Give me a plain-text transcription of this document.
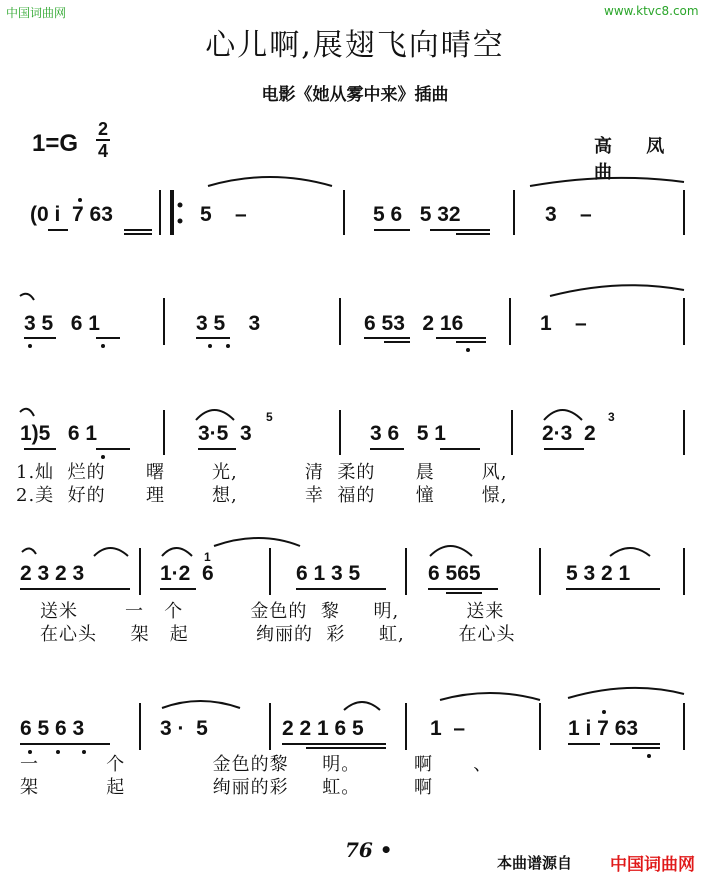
中国词曲网	www.ktvc8.com
心儿啊,展翅飞向晴空
电影《她从雾中来》插曲
1=G
2
4	高 凤曲
(0 i  7 63	5    –	5 6   5 32	3    –
3 5   6 1	3 5    3	6 53   2 16	1    –
1)5   6 1	3·5  3	3 6   5 1	2·3  2
5	3
1.灿  烂的      曙       光,          清  柔的      晨       风,
2.美  好的      理       想,          幸  福的      憧       憬,
2 3 2 3	1·2  6	6 1 3 5	6 565	5 3 2 1
1
送米       一   个          金色的  黎     明,          送来
在心头     架   起          绚丽的  彩     虹,        在心头
6 5 6 3	3 ·  5	2 2 1 6 5	1  –	1 i 7 63
一          个             金色的黎     明。        啊      、
架          起             绚丽的彩     虹。        啊
76 •
本曲谱源自 中国词曲网
